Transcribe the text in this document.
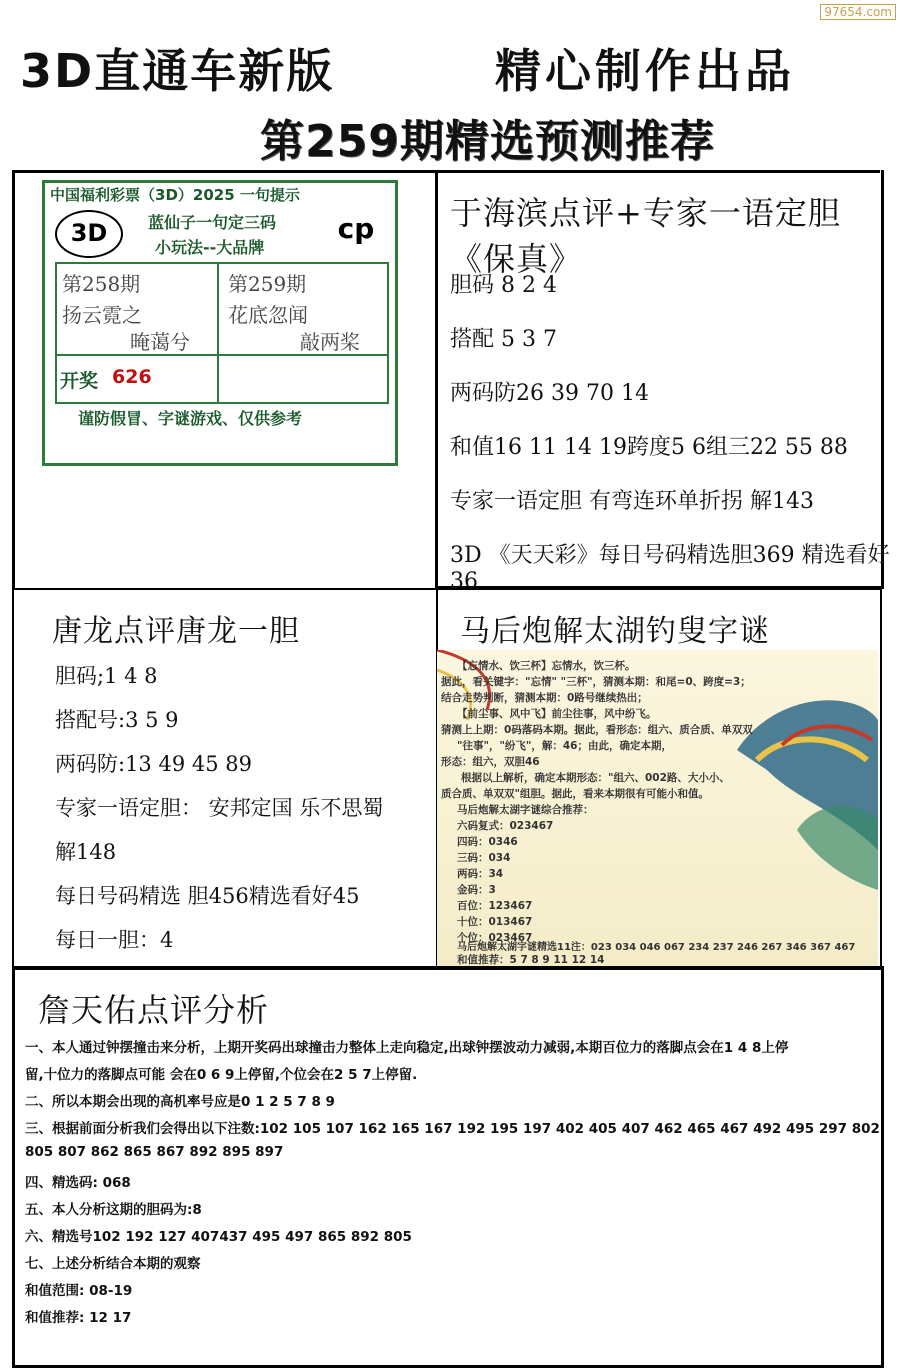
97654.com
3D直通车新版	精心制作出品
第259期精选预测推荐
中国福利彩票（3D）2025 一句提示
3D	蓝仙子一句定三码
小玩法--大品牌
cp
第258期
扬云霓之
晻蔼兮
第259期
花底忽闻
敲两桨
开奖 626
谨防假冒、字谜游戏、仅供参考
于海滨点评+专家一语定胆《保真》
胆码 8 2 4
搭配 5 3 7
两码防26 39 70 14
和值16 11 14 19跨度5 6组三22 55 88
专家一语定胆 有弯连环单折拐 解143
3D 《天天彩》每日号码精选胆369 精选看好36
唐龙点评唐龙一胆
胆码;1 4 8
搭配号:3 5 9
两码防:13 49 45 89
专家一语定胆： 安邦定国 乐不思蜀
解148
每日号码精选 胆456精选看好45
每日一胆：4
马后炮解太湖钓叟字谜
【忘情水、饮三杯】忘情水，饮三杯。
据此，看关键字："忘情" "三杯"，猜测本期：和尾=0、跨度=3；
结合走势判断，猜测本期：0路号继续热出；
【前尘事、风中飞】前尘往事，风中纷飞。
猜测上上期：0码落码本期。据此，看形态：组六、质合质、单双双
"往事"，"纷飞"，解：46；由此，确定本期，
形态：组六，双胆46
根据以上解析，确定本期形态："组六、002路、大小小、
质合质、单双双"组胆。据此，看来本期很有可能小和值。
马后炮解太湖字谜综合推荐：
六码复式：023467
四码：0346
三码：034
两码：34
金码：3
百位：123467
十位：013467
个位：023467
马后炮解太湖字谜精选11注：023 034 046 067 234 237 246 267 346 367 467
和值推荐：5 7 8 9 11 12 14
詹天佑点评分析
一、本人通过钟摆撞击来分析，上期开奖码出球撞击力整体上走向稳定,出球钟摆波动力减弱,本期百位力的落脚点会在1 4 8上停
留,十位力的落脚点可能 会在0 6 9上停留,个位会在2 5 7上停留.
二、所以本期会出现的高机率号应是0 1 2 5 7 8 9
三、根据前面分析我们会得出以下注数:102 105 107 162 165 167 192 195 197 402 405 407 462 465 467 492 495 297 802
805 807 862 865 867 892 895 897
四、精选码: 068
五、本人分析这期的胆码为:8
六、精选号102 192 127 407437 495 497 865 892 805
七、上述分析结合本期的观察
和值范围: 08-19
和值推荐: 12 17
